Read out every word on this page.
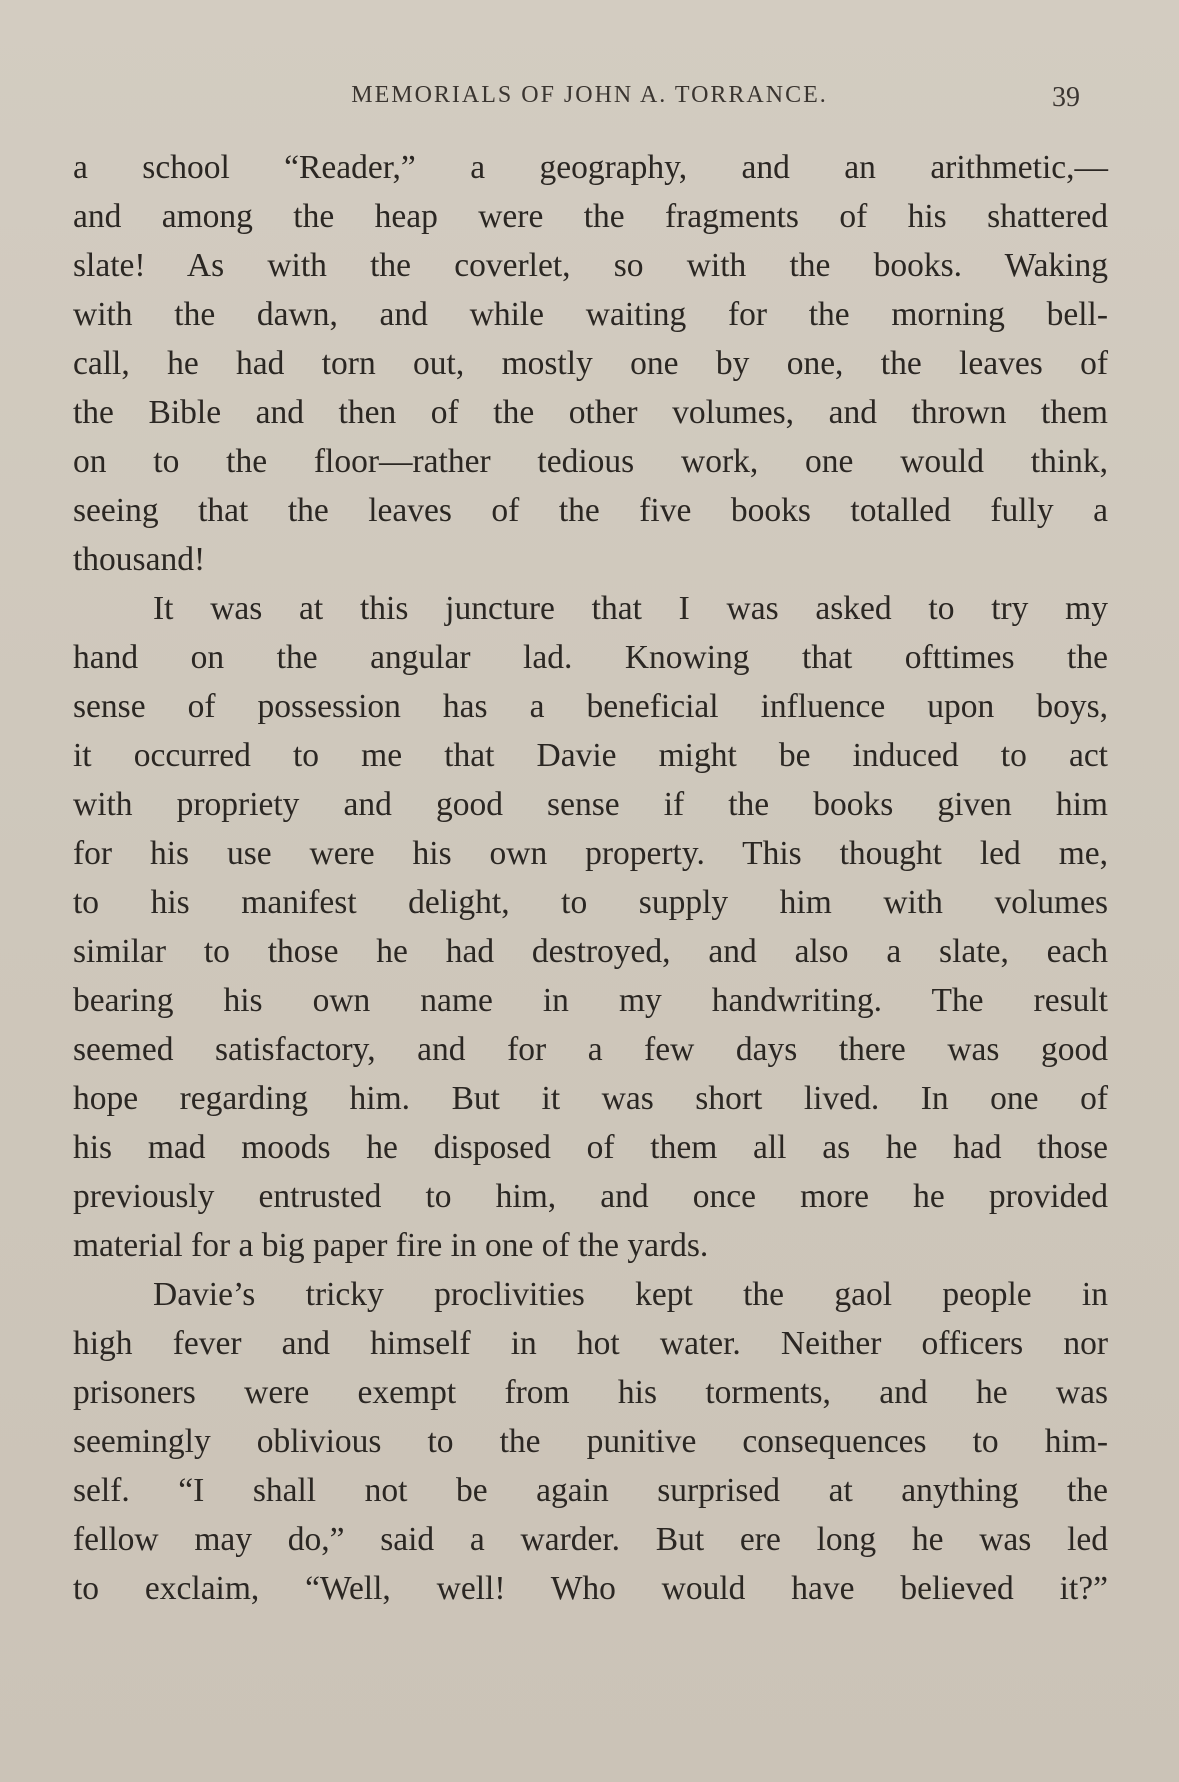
MEMORIALS OF JOHN A. TORRANCE.	39
a school “Reader,” a geography, and an arithmetic,—
and among the heap were the fragments of his shattered
slate! As with the coverlet, so with the books. Waking
with the dawn, and while waiting for the morning bell-
call, he had torn out, mostly one by one, the leaves of
the Bible and then of the other volumes, and thrown them
on to the floor—rather tedious work, one would think,
seeing that the leaves of the five books totalled fully a
thousand!
It was at this juncture that I was asked to try my
hand on the angular lad. Knowing that ofttimes the
sense of possession has a beneficial influence upon boys,
it occurred to me that Davie might be induced to act
with propriety and good sense if the books given him
for his use were his own property. This thought led me,
to his manifest delight, to supply him with volumes
similar to those he had destroyed, and also a slate, each
bearing his own name in my handwriting. The result
seemed satisfactory, and for a few days there was good
hope regarding him. But it was short lived. In one of
his mad moods he disposed of them all as he had those
previously entrusted to him, and once more he provided
material for a big paper fire in one of the yards.
Davie’s tricky proclivities kept the gaol people in
high fever and himself in hot water. Neither officers nor
prisoners were exempt from his torments, and he was
seemingly oblivious to the punitive consequences to him-
self. “I shall not be again surprised at anything the
fellow may do,” said a warder. But ere long he was led
to exclaim, “Well, well! Who would have believed it?”
